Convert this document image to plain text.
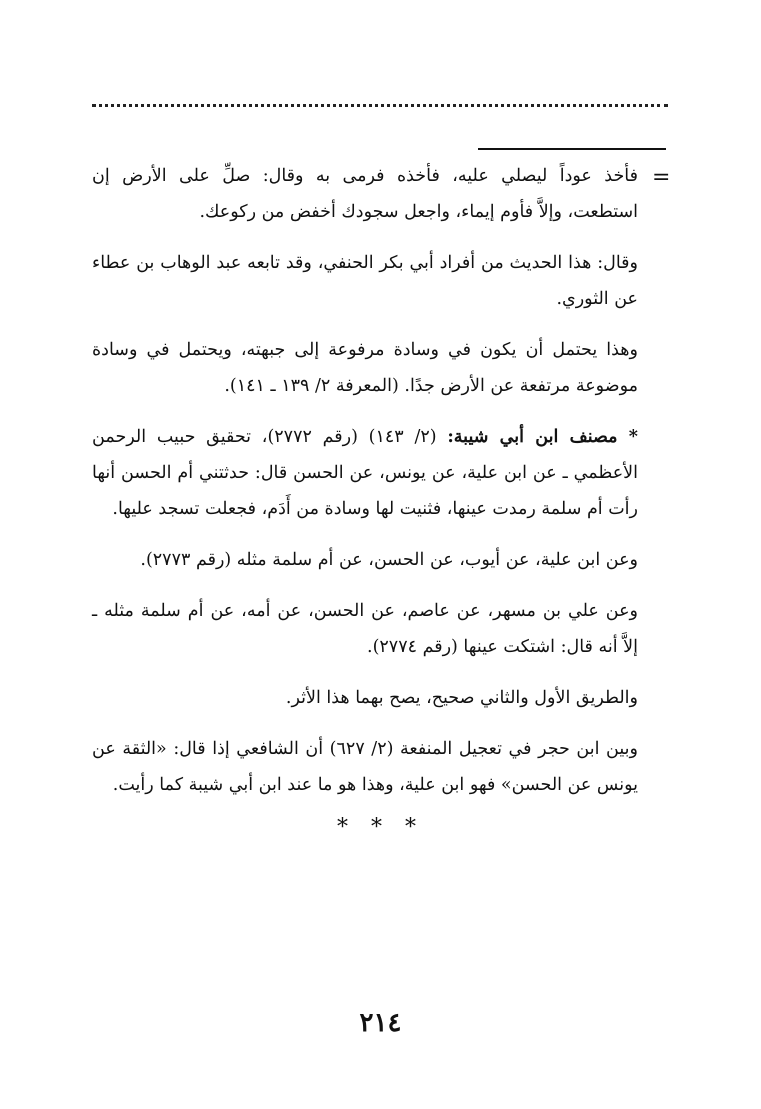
=

فأخذ عوداً ليصلي عليه، فأخذه فرمى به وقال: صلِّ على الأرض إن استطعت، وإلاَّ فأوم إيماء، واجعل سجودك أخفض من ركوعك.

وقال: هذا الحديث من أفراد أبي بكر الحنفي، وقد تابعه عبد الوهاب بن عطاء عن الثوري.

وهذا يحتمل أن يكون في وسادة مرفوعة إلى جبهته، ويحتمل في وسادة موضوعة مرتفعة عن الأرض جدًا. (المعرفة ٢/ ١٣٩ ـ ١٤١).

* مصنف ابن أبي شيبة: (٢/ ١٤٣) (رقم ٢٧٧٢)، تحقيق حبيب الرحمن الأعظمي ـ عن ابن علية، عن يونس، عن الحسن قال: حدثتني أم الحسن أنها رأت أم سلمة رمدت عينها، فثنيت لها وسادة من أَدَم، فجعلت تسجد عليها.

وعن ابن علية، عن أيوب، عن الحسن، عن أم سلمة مثله (رقم ٢٧٧٣).

وعن علي بن مسهر، عن عاصم، عن الحسن، عن أمه، عن أم سلمة مثله ـ إلاَّ أنه قال: اشتكت عينها (رقم ٢٧٧٤).

والطريق الأول والثاني صحيح، يصح بهما هذا الأثر.

وبين ابن حجر في تعجيل المنفعة (٢/ ٦٢٧) أن الشافعي إذا قال: «الثقة عن يونس عن الحسن» فهو ابن علية، وهذا هو ما عند ابن أبي شيبة كما رأيت.

* * *
٢١٤
